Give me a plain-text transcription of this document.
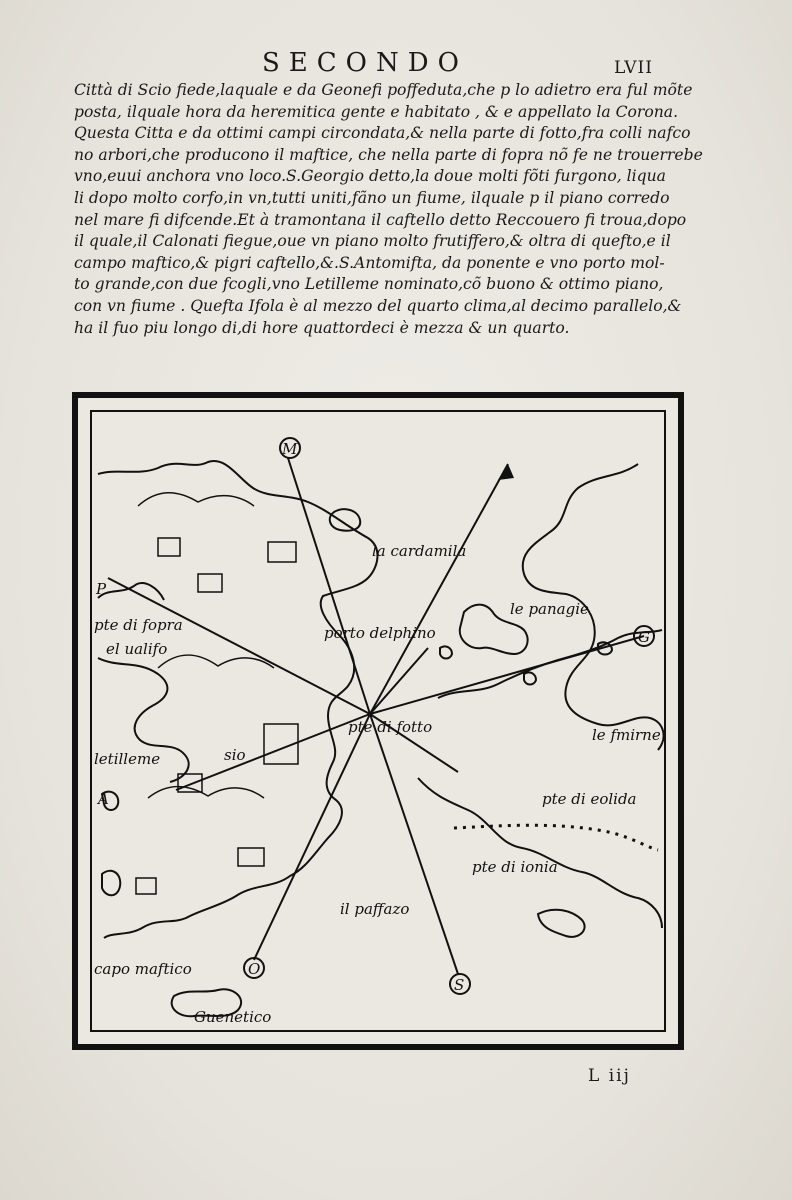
SECONDO	LVII
Città di Scio fiede,laquale e da Geonefi poffeduta,che p lo adietro era ful mõte
posta, ilquale hora da heremitica gente e habitato , & e appellato la Corona.
Questa Citta e da ottimi campi circondata,& nella parte di fotto,fra colli nafco
no arbori,che producono il maftice, che nella parte di fopra nõ fe ne trouerrebe
vno,euui anchora vno loco.S.Georgio detto,la doue molti fõti furgono, liqua
li dopo molto corfo,in vn,tutti uniti,fãno un fiume, ilquale p il piano corredo
nel mare fi difcende.Et à tramontana il caftello detto Reccouero fi troua,dopo
il quale,il Calonati fiegue,oue vn piano molto frutiffero,& oltra di quefto,e il
campo maftico,& pigri caftello,&.S.Antomifta, da ponente e vno porto mol-
to grande,con due fcogli,vno Letilleme nominato,cõ buono & ottimo piano,
con vn fiume . Quefta Ifola è al mezzo del quarto clima,al decimo parallelo,&
ha il fuo piu longo di,di hore quattordeci è mezza & un quarto.
la cardamila
le panagie
porto delphino
pte di fopra
el ualifo
pte di fotto
letilleme	sio
le fmirne
pte di eolida
pte di ionia
il paffazo
capo maftico
Guenetico
M
P
A
G
O
S
L iij
